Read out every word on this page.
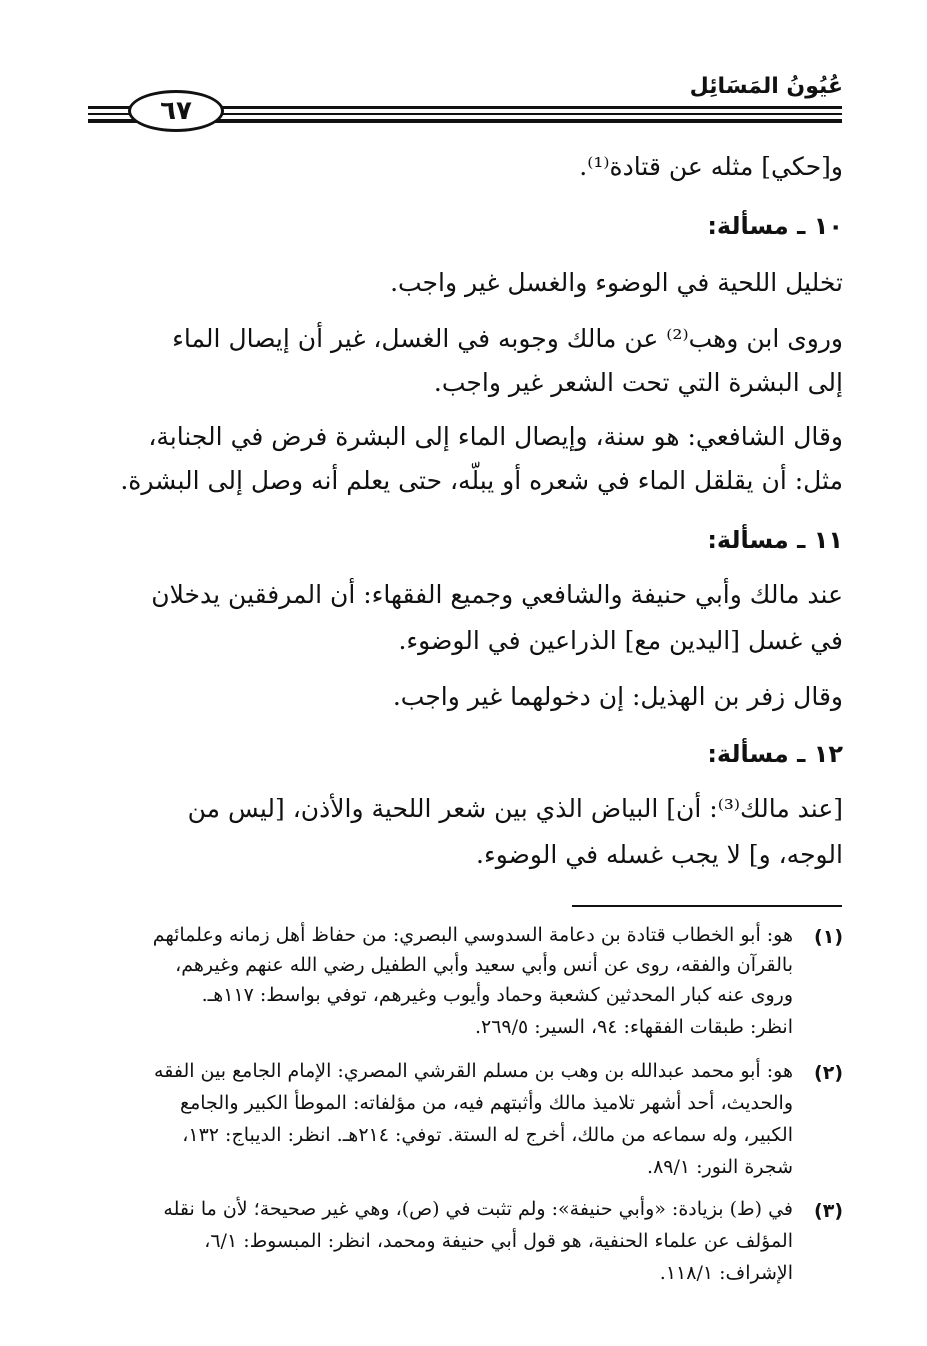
عُيُونُ المَسَائِل
٦٧
و[حكي] مثله عن قتادة⁽¹⁾.
١٠ ـ مسألة:
تخليل اللحية في الوضوء والغسل غير واجب.
وروى ابن وهب⁽²⁾ عن مالك وجوبه في الغسل، غير أن إيصال الماء
إلى البشرة التي تحت الشعر غير واجب.
وقال الشافعي: هو سنة، وإيصال الماء إلى البشرة فرض في الجنابة،
مثل: أن يقلقل الماء في شعره أو يبلّه، حتى يعلم أنه وصل إلى البشرة.
١١ ـ مسألة:
عند مالك وأبي حنيفة والشافعي وجميع الفقهاء: أن المرفقين يدخلان
في غسل [اليدين مع] الذراعين في الوضوء.
وقال زفر بن الهذيل: إن دخولهما غير واجب.
١٢ ـ مسألة:
[عند مالك⁽³⁾: أن] البياض الذي بين شعر اللحية والأذن، [ليس من
الوجه، و] لا يجب غسله في الوضوء.
(١)
هو: أبو الخطاب قتادة بن دعامة السدوسي البصري: من حفاظ أهل زمانه وعلمائهم
بالقرآن والفقه، روى عن أنس وأبي سعيد وأبي الطفيل رضي الله عنهم وغيرهم،
وروى عنه كبار المحدثين كشعبة وحماد وأيوب وغيرهم، توفي بواسط: ١١٧هـ.
انظر: طبقات الفقهاء: ٩٤، السير: ٢٦٩/٥.
(٢)
هو: أبو محمد عبدالله بن وهب بن مسلم القرشي المصري: الإمام الجامع بين الفقه
والحديث، أحد أشهر تلاميذ مالك وأثبتهم فيه، من مؤلفاته: الموطأ الكبير والجامع
الكبير، وله سماعه من مالك، أخرج له الستة. توفي: ٢١٤هـ. انظر: الديباج: ١٣٢،
شجرة النور: ٨٩/١.
(٣)
في (ط) بزيادة: «وأبي حنيفة»: ولم تثبت في (ص)، وهي غير صحيحة؛ لأن ما نقله
المؤلف عن علماء الحنفية، هو قول أبي حنيفة ومحمد، انظر: المبسوط: ٦/١،
الإشراف: ١١٨/١.
